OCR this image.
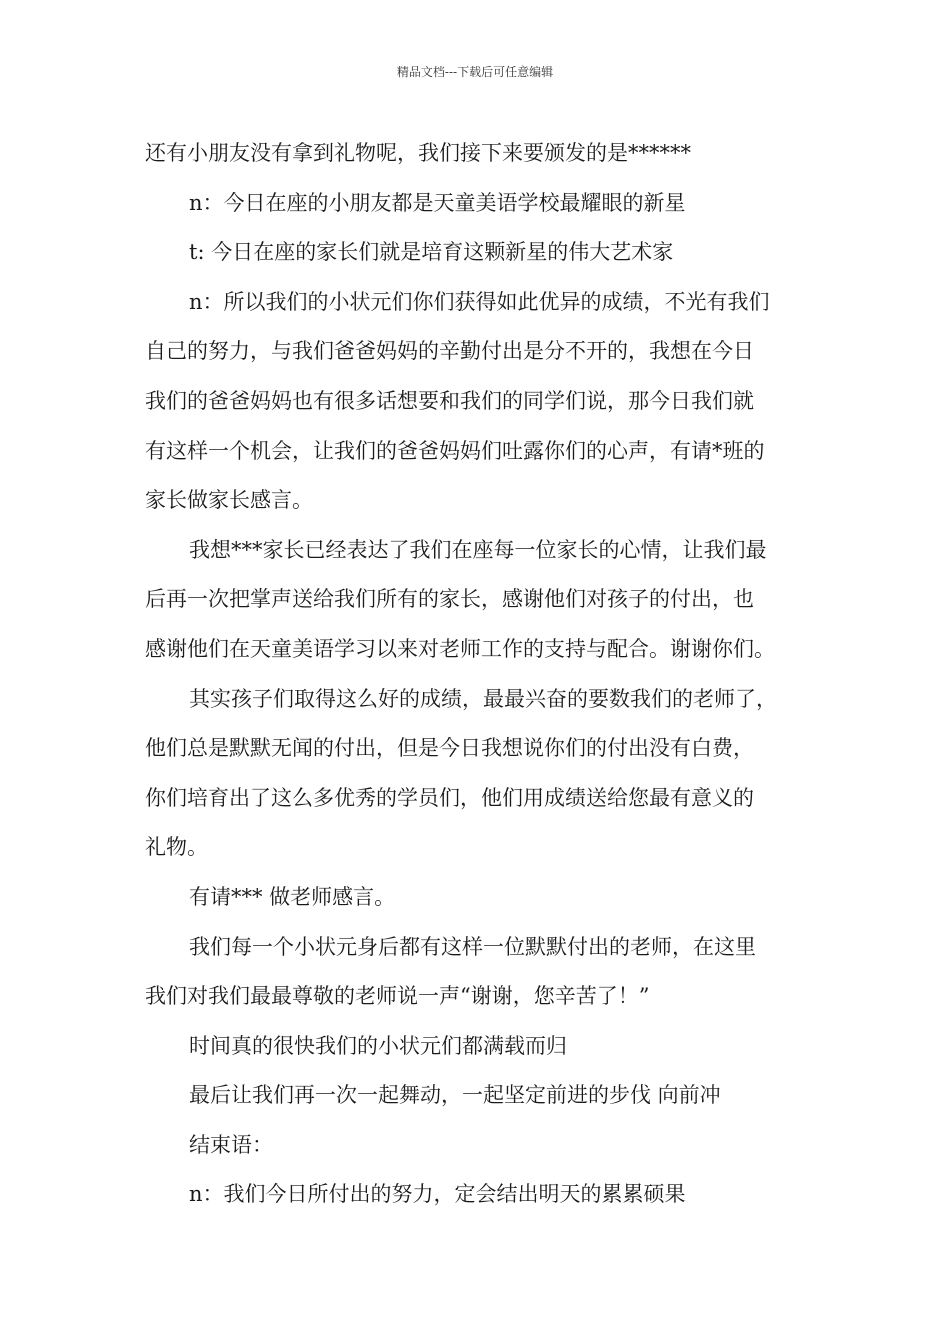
精品文档---下载后可任意编辑

还有小朋友没有拿到礼物呢，我们接下来要颁发的是******

n：今日在座的小朋友都是天童美语学校最耀眼的新星

t: 今日在座的家长们就是培育这颗新星的伟大艺术家

n：所以我们的小状元们你们获得如此优异的成绩，不光有我们

自己的努力，与我们爸爸妈妈的辛勤付出是分不开的，我想在今日

我们的爸爸妈妈也有很多话想要和我们的同学们说，那今日我们就

有这样一个机会，让我们的爸爸妈妈们吐露你们的心声，有请*班的

家长做家长感言。

我想***家长已经表达了我们在座每一位家长的心情，让我们最

后再一次把掌声送给我们所有的家长，感谢他们对孩子的付出，也

感谢他们在天童美语学习以来对老师工作的支持与配合。谢谢你们。

其实孩子们取得这么好的成绩，最最兴奋的要数我们的老师了，

他们总是默默无闻的付出，但是今日我想说你们的付出没有白费，

你们培育出了这么多优秀的学员们，他们用成绩送给您最有意义的

礼物。

有请*** 做老师感言。

我们每一个小状元身后都有这样一位默默付出的老师，在这里

我们对我们最最尊敬的老师说一声“谢谢，您辛苦了！”

时间真的很快我们的小状元们都满载而归

最后让我们再一次一起舞动，一起坚定前进的步伐 向前冲

结束语：

n：我们今日所付出的努力，定会结出明天的累累硕果
